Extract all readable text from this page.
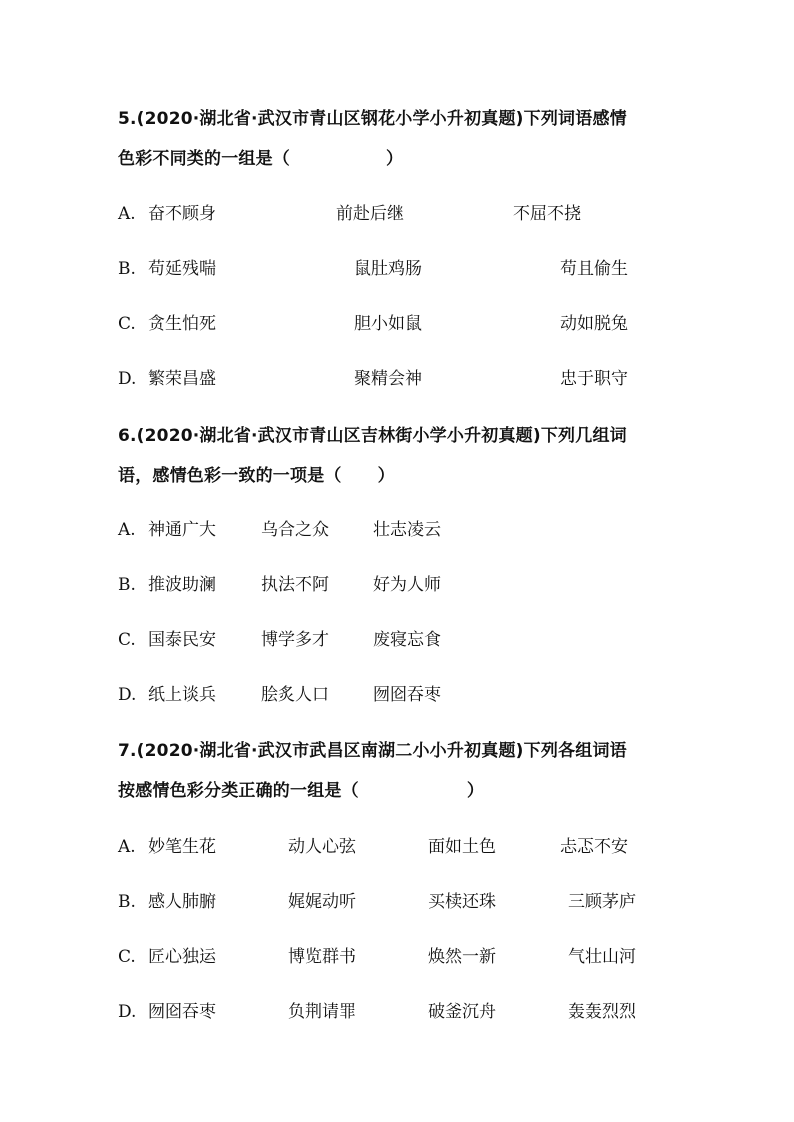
5.(2020·湖北省·武汉市青山区钢花小学小升初真题)下列词语感情
色彩不同类的一组是（	）
A. 奋不顾身	前赴后继	不屈不挠
B. 苟延残喘	鼠肚鸡肠	苟且偷生
C. 贪生怕死	胆小如鼠	动如脱兔
D. 繁荣昌盛	聚精会神	忠于职守
6.(2020·湖北省·武汉市青山区吉林街小学小升初真题)下列几组词
语，感情色彩一致的一项是（ ）
A. 神通广大	乌合之众	壮志凌云
B. 推波助澜	执法不阿	好为人师
C. 国泰民安	博学多才	废寝忘食
D. 纸上谈兵	脍炙人口	囫囵吞枣
7.(2020·湖北省·武汉市武昌区南湖二小小升初真题)下列各组词语
按感情色彩分类正确的一组是（	）
A. 妙笔生花	动人心弦	面如土色	忐忑不安
B. 感人肺腑	娓娓动听	买椟还珠	三顾茅庐
C. 匠心独运	博览群书	焕然一新	气壮山河
D. 囫囵吞枣	负荆请罪	破釜沉舟	轰轰烈烈
